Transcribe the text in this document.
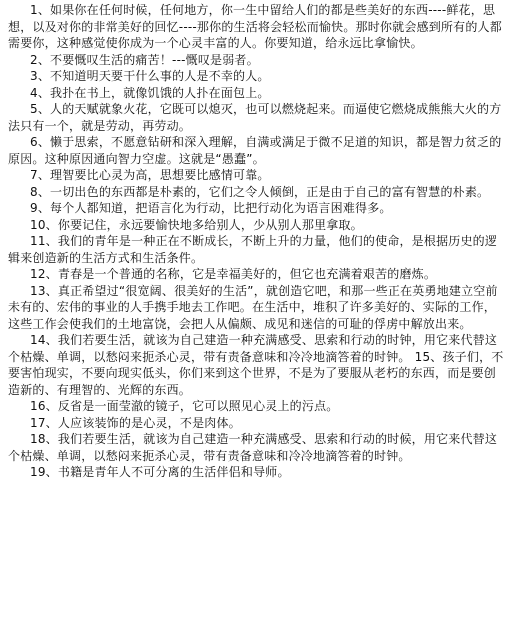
1、如果你在任何时候，任何地方，你一生中留给人们的都是些美好的东西----鲜花，思想，以及对你的非常美好的回忆----那你的生活将会轻松而愉快。那时你就会感到所有的人都需要你，这种感觉使你成为一个心灵丰富的人。你要知道，给永远比拿愉快。

2、不要慨叹生活的痛苦！---慨叹是弱者。

3、不知道明天要干什么事的人是不幸的人。

4、我扑在书上，就像饥饿的人扑在面包上。

5、人的天赋就象火花，它既可以熄灭，也可以燃烧起来。而逼使它燃烧成熊熊大火的方法只有一个，就是劳动，再劳动。

6、懒于思索，不愿意钻研和深入理解，自满或满足于微不足道的知识，都是智力贫乏的原因。这种原因通向智力空虚。这就是“愚蠢”。

7、理智要比心灵为高，思想要比感情可靠。

8、一切出色的东西都是朴素的，它们之令人倾倒，正是由于自己的富有智慧的朴素。

9、每个人都知道，把语言化为行动，比把行动化为语言困难得多。

10、你要记住，永远要愉快地多给别人，少从别人那里拿取。

11、我们的青年是一种正在不断成长，不断上升的力量，他们的使命，是根据历史的逻辑来创造新的生活方式和生活条件。

12、青春是一个普通的名称，它是幸福美好的，但它也充满着艰苦的磨炼。

13、真正希望过“很宽阔、很美好的生活”，就创造它吧，和那一些正在英勇地建立空前未有的、宏伟的事业的人手携手地去工作吧。在生活中，堆积了许多美好的、实际的工作，这些工作会使我们的土地富饶，会把人从偏颇、成见和迷信的可耻的俘虏中解放出来。

14、我们若要生活，就该为自己建造一种充满感受、思索和行动的时钟，用它来代替这个枯燥、单调，以愁闷来扼杀心灵，带有责备意味和冷冷地滴答着的时钟。 15、孩子们，不要害怕现实，不要向现实低头，你们来到这个世界，不是为了要服从老朽的东西，而是要创造新的、有理智的、光辉的东西。

16、反省是一面莹澈的镜子，它可以照见心灵上的污点。

17、人应该装饰的是心灵，不是肉体。

18、我们若要生活，就该为自己建造一种充满感受、思索和行动的时候，用它来代替这个枯燥、单调，以愁闷来扼杀心灵，带有责备意味和冷冷地滴答着的时钟。

19、书籍是青年人不可分离的生活伴侣和导师。
